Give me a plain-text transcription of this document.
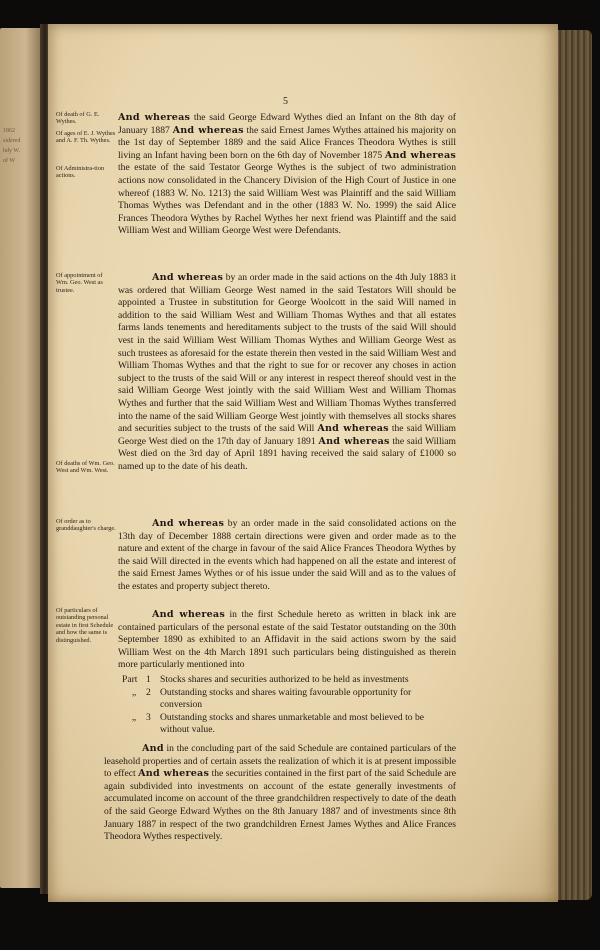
1862
sidered
hdy W.
of W
5
Of death of G. E. Wythes.
Of ages of E. J. Wythes and A. F. Th. Wythes.
Of Administra-tion actions.
Of appointment of Wm. Geo. West as trustee.
Of deaths of Wm. Geo. West and Wm. West.
Of order as to granddaughter's charge.
Of particulars of outstanding personal estate in first Schedule and how the same is distinguished.

And whereas the said George Edward Wythes died an Infant on the 8th day of January 1887 And whereas the said Ernest James Wythes attained his majority on the 1st day of September 1889 and the said Alice Frances Theodora Wythes is still living an Infant having been born on the 6th day of November 1875 And whereas the estate of the said Testator George Wythes is the subject of two administration actions now consolidated in the Chancery Division of the High Court of Justice in one whereof (1883 W. No. 1213) the said William West was Plaintiff and the said William Thomas Wythes was Defendant and in the other (1883 W. No. 1999) the said Alice Frances Theodora Wythes by Rachel Wythes her next friend was Plaintiff and the said William West and William George West were Defendants.

And whereas by an order made in the said actions on the 4th July 1883 it was ordered that William George West named in the said Testators Will should be appointed a Trustee in substitution for George Woolcott in the said Will named in addition to the said William West and William Thomas Wythes and that all estates farms lands tenements and hereditaments subject to the trusts of the said Will should vest in the said William West William Thomas Wythes and William George West as such trustees as aforesaid for the estate therein then vested in the said William West and William Thomas Wythes and that the right to sue for or recover any choses in action subject to the trusts of the said Will or any interest in respect thereof should vest in the said William George West jointly with the said William West and William Thomas Wythes and further that the said William West and William Thomas Wythes transferred into the name of the said William George West jointly with themselves all stocks shares and securities subject to the trusts of the said Will And whereas the said William George West died on the 17th day of January 1891 And whereas the said William West died on the 3rd day of April 1891 having received the said salary of £1000 so named up to the date of his death.

And whereas by an order made in the said consolidated actions on the 13th day of December 1888 certain directions were given and order made as to the nature and extent of the charge in favour of the said Alice Frances Theodora Wythes by the said Will directed in the events which had happened on all the estate and interest of the said Ernest James Wythes or of his issue under the said Will and as to the values of the estates and property subject thereto.

And whereas in the first Schedule hereto as written in black ink are contained particulars of the personal estate of the said Testator outstanding on the 30th September 1890 as exhibited to an Affidavit in the said actions sworn by the said William West on the 4th March 1891 such particulars being distinguished as therein more particularly mentioned into

Part 1 Stocks shares and securities authorized to be held as investments
„	2 Outstanding stocks and shares waiting favourable opportunity for conversion
„	3 Outstanding stocks and shares unmarketable and most believed to be without value.

And in the concluding part of the said Schedule are contained particulars of the leasehold properties and of certain assets the realization of which it is at present impossible to effect And whereas the securities contained in the first part of the said Schedule are again subdivided into investments on account of the estate generally investments of accumulated income on account of the three grandchildren respectively to date of the death of the said George Edward Wythes on the 8th January 1887 and of investments since 8th January 1887 in respect of the two grandchildren Ernest James Wythes and Alice Frances Theodora Wythes respectively.
